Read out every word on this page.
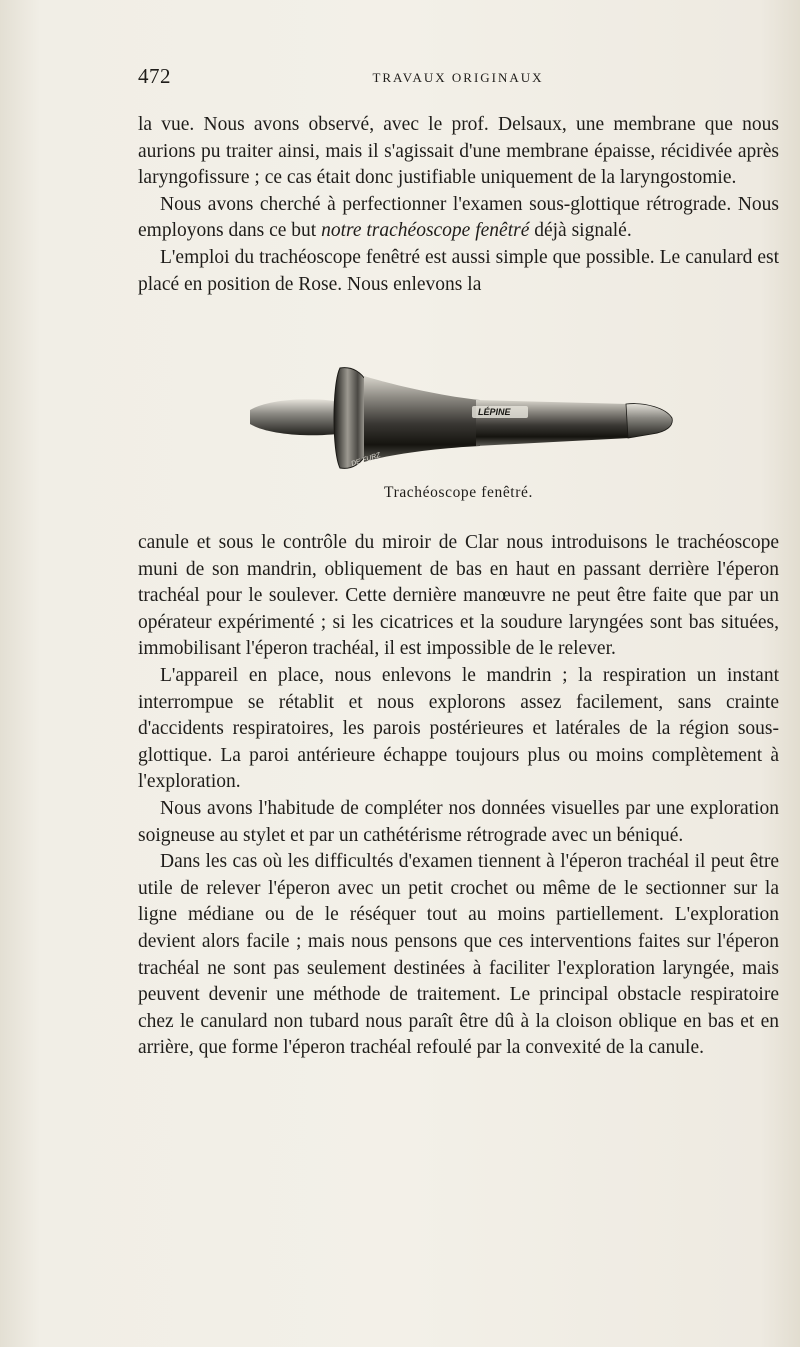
472	TRAVAUX ORIGINAUX

la vue. Nous avons observé, avec le prof. Delsaux, une membrane que nous aurions pu traiter ainsi, mais il s'agissait d'une membrane épaisse, récidivée après laryngofissure ; ce cas était donc justifiable uniquement de la laryngostomie.

Nous avons cherché à perfectionner l'examen sous-glottique rétrograde. Nous employons dans ce but notre trachéoscope fenêtré déjà signalé.

L'emploi du trachéoscope fenêtré est aussi simple que possible. Le canulard est placé en position de Rose. Nous enlevons la

LÉPINE
DE FURZ
Trachéoscope fenêtré.

canule et sous le contrôle du miroir de Clar nous introduisons le trachéoscope muni de son mandrin, obliquement de bas en haut en passant derrière l'éperon trachéal pour le soulever. Cette dernière manœuvre ne peut être faite que par un opérateur expérimenté ; si les cicatrices et la soudure laryngées sont bas situées, immobilisant l'éperon trachéal, il est impossible de le relever.

L'appareil en place, nous enlevons le mandrin ; la respiration un instant interrompue se rétablit et nous explorons assez facilement, sans crainte d'accidents respiratoires, les parois postérieures et latérales de la région sous-glottique. La paroi antérieure échappe toujours plus ou moins complètement à l'exploration.

Nous avons l'habitude de compléter nos données visuelles par une exploration soigneuse au stylet et par un cathétérisme rétrograde avec un béniqué.

Dans les cas où les difficultés d'examen tiennent à l'éperon trachéal il peut être utile de relever l'éperon avec un petit crochet ou même de le sectionner sur la ligne médiane ou de le réséquer tout au moins partiellement. L'exploration devient alors facile ; mais nous pensons que ces interventions faites sur l'éperon trachéal ne sont pas seulement destinées à faciliter l'exploration laryngée, mais peuvent devenir une méthode de traitement. Le principal obstacle respiratoire chez le canulard non tubard nous paraît être dû à la cloison oblique en bas et en arrière, que forme l'éperon trachéal refoulé par la convexité de la canule.
